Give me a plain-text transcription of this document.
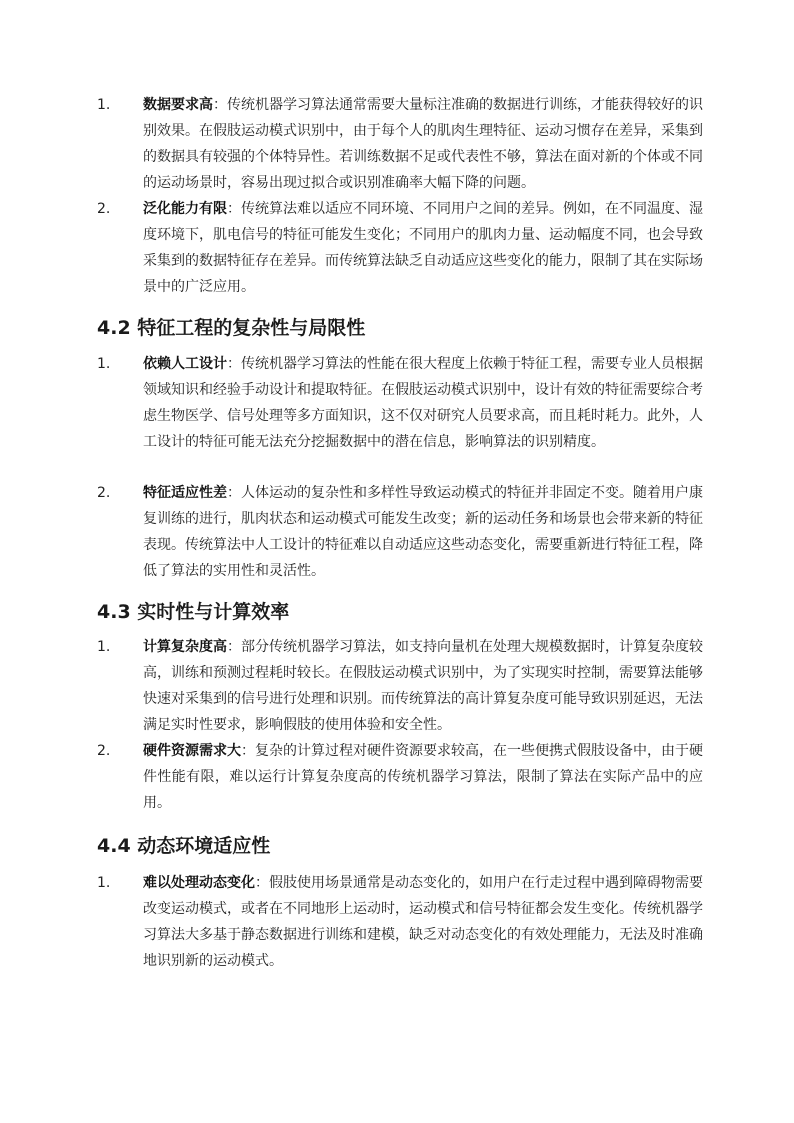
1. 数据要求高：传统机器学习算法通常需要大量标注准确的数据进行训练，才能获得较好的识别效果。在假肢运动模式识别中，由于每个人的肌肉生理特征、运动习惯存在差异，采集到的数据具有较强的个体特异性。若训练数据不足或代表性不够，算法在面对新的个体或不同的运动场景时，容易出现过拟合或识别准确率大幅下降的问题。
2. 泛化能力有限：传统算法难以适应不同环境、不同用户之间的差异。例如，在不同温度、湿度环境下，肌电信号的特征可能发生变化；不同用户的肌肉力量、运动幅度不同，也会导致采集到的数据特征存在差异。而传统算法缺乏自动适应这些变化的能力，限制了其在实际场景中的广泛应用。
4.2 特征工程的复杂性与局限性
1. 依赖人工设计：传统机器学习算法的性能在很大程度上依赖于特征工程，需要专业人员根据领域知识和经验手动设计和提取特征。在假肢运动模式识别中，设计有效的特征需要综合考虑生物医学、信号处理等多方面知识，这不仅对研究人员要求高，而且耗时耗力。此外，人工设计的特征可能无法充分挖掘数据中的潜在信息，影响算法的识别精度。
2. 特征适应性差：人体运动的复杂性和多样性导致运动模式的特征并非固定不变。随着用户康复训练的进行，肌肉状态和运动模式可能发生改变；新的运动任务和场景也会带来新的特征表现。传统算法中人工设计的特征难以自动适应这些动态变化，需要重新进行特征工程，降低了算法的实用性和灵活性。
4.3 实时性与计算效率
1. 计算复杂度高：部分传统机器学习算法，如支持向量机在处理大规模数据时，计算复杂度较高，训练和预测过程耗时较长。在假肢运动模式识别中，为了实现实时控制，需要算法能够快速对采集到的信号进行处理和识别。而传统算法的高计算复杂度可能导致识别延迟，无法满足实时性要求，影响假肢的使用体验和安全性。
2. 硬件资源需求大：复杂的计算过程对硬件资源要求较高，在一些便携式假肢设备中，由于硬件性能有限，难以运行计算复杂度高的传统机器学习算法，限制了算法在实际产品中的应用。
4.4 动态环境适应性
1. 难以处理动态变化：假肢使用场景通常是动态变化的，如用户在行走过程中遇到障碍物需要改变运动模式，或者在不同地形上运动时，运动模式和信号特征都会发生变化。传统机器学习算法大多基于静态数据进行训练和建模，缺乏对动态变化的有效处理能力，无法及时准确地识别新的运动模式。
